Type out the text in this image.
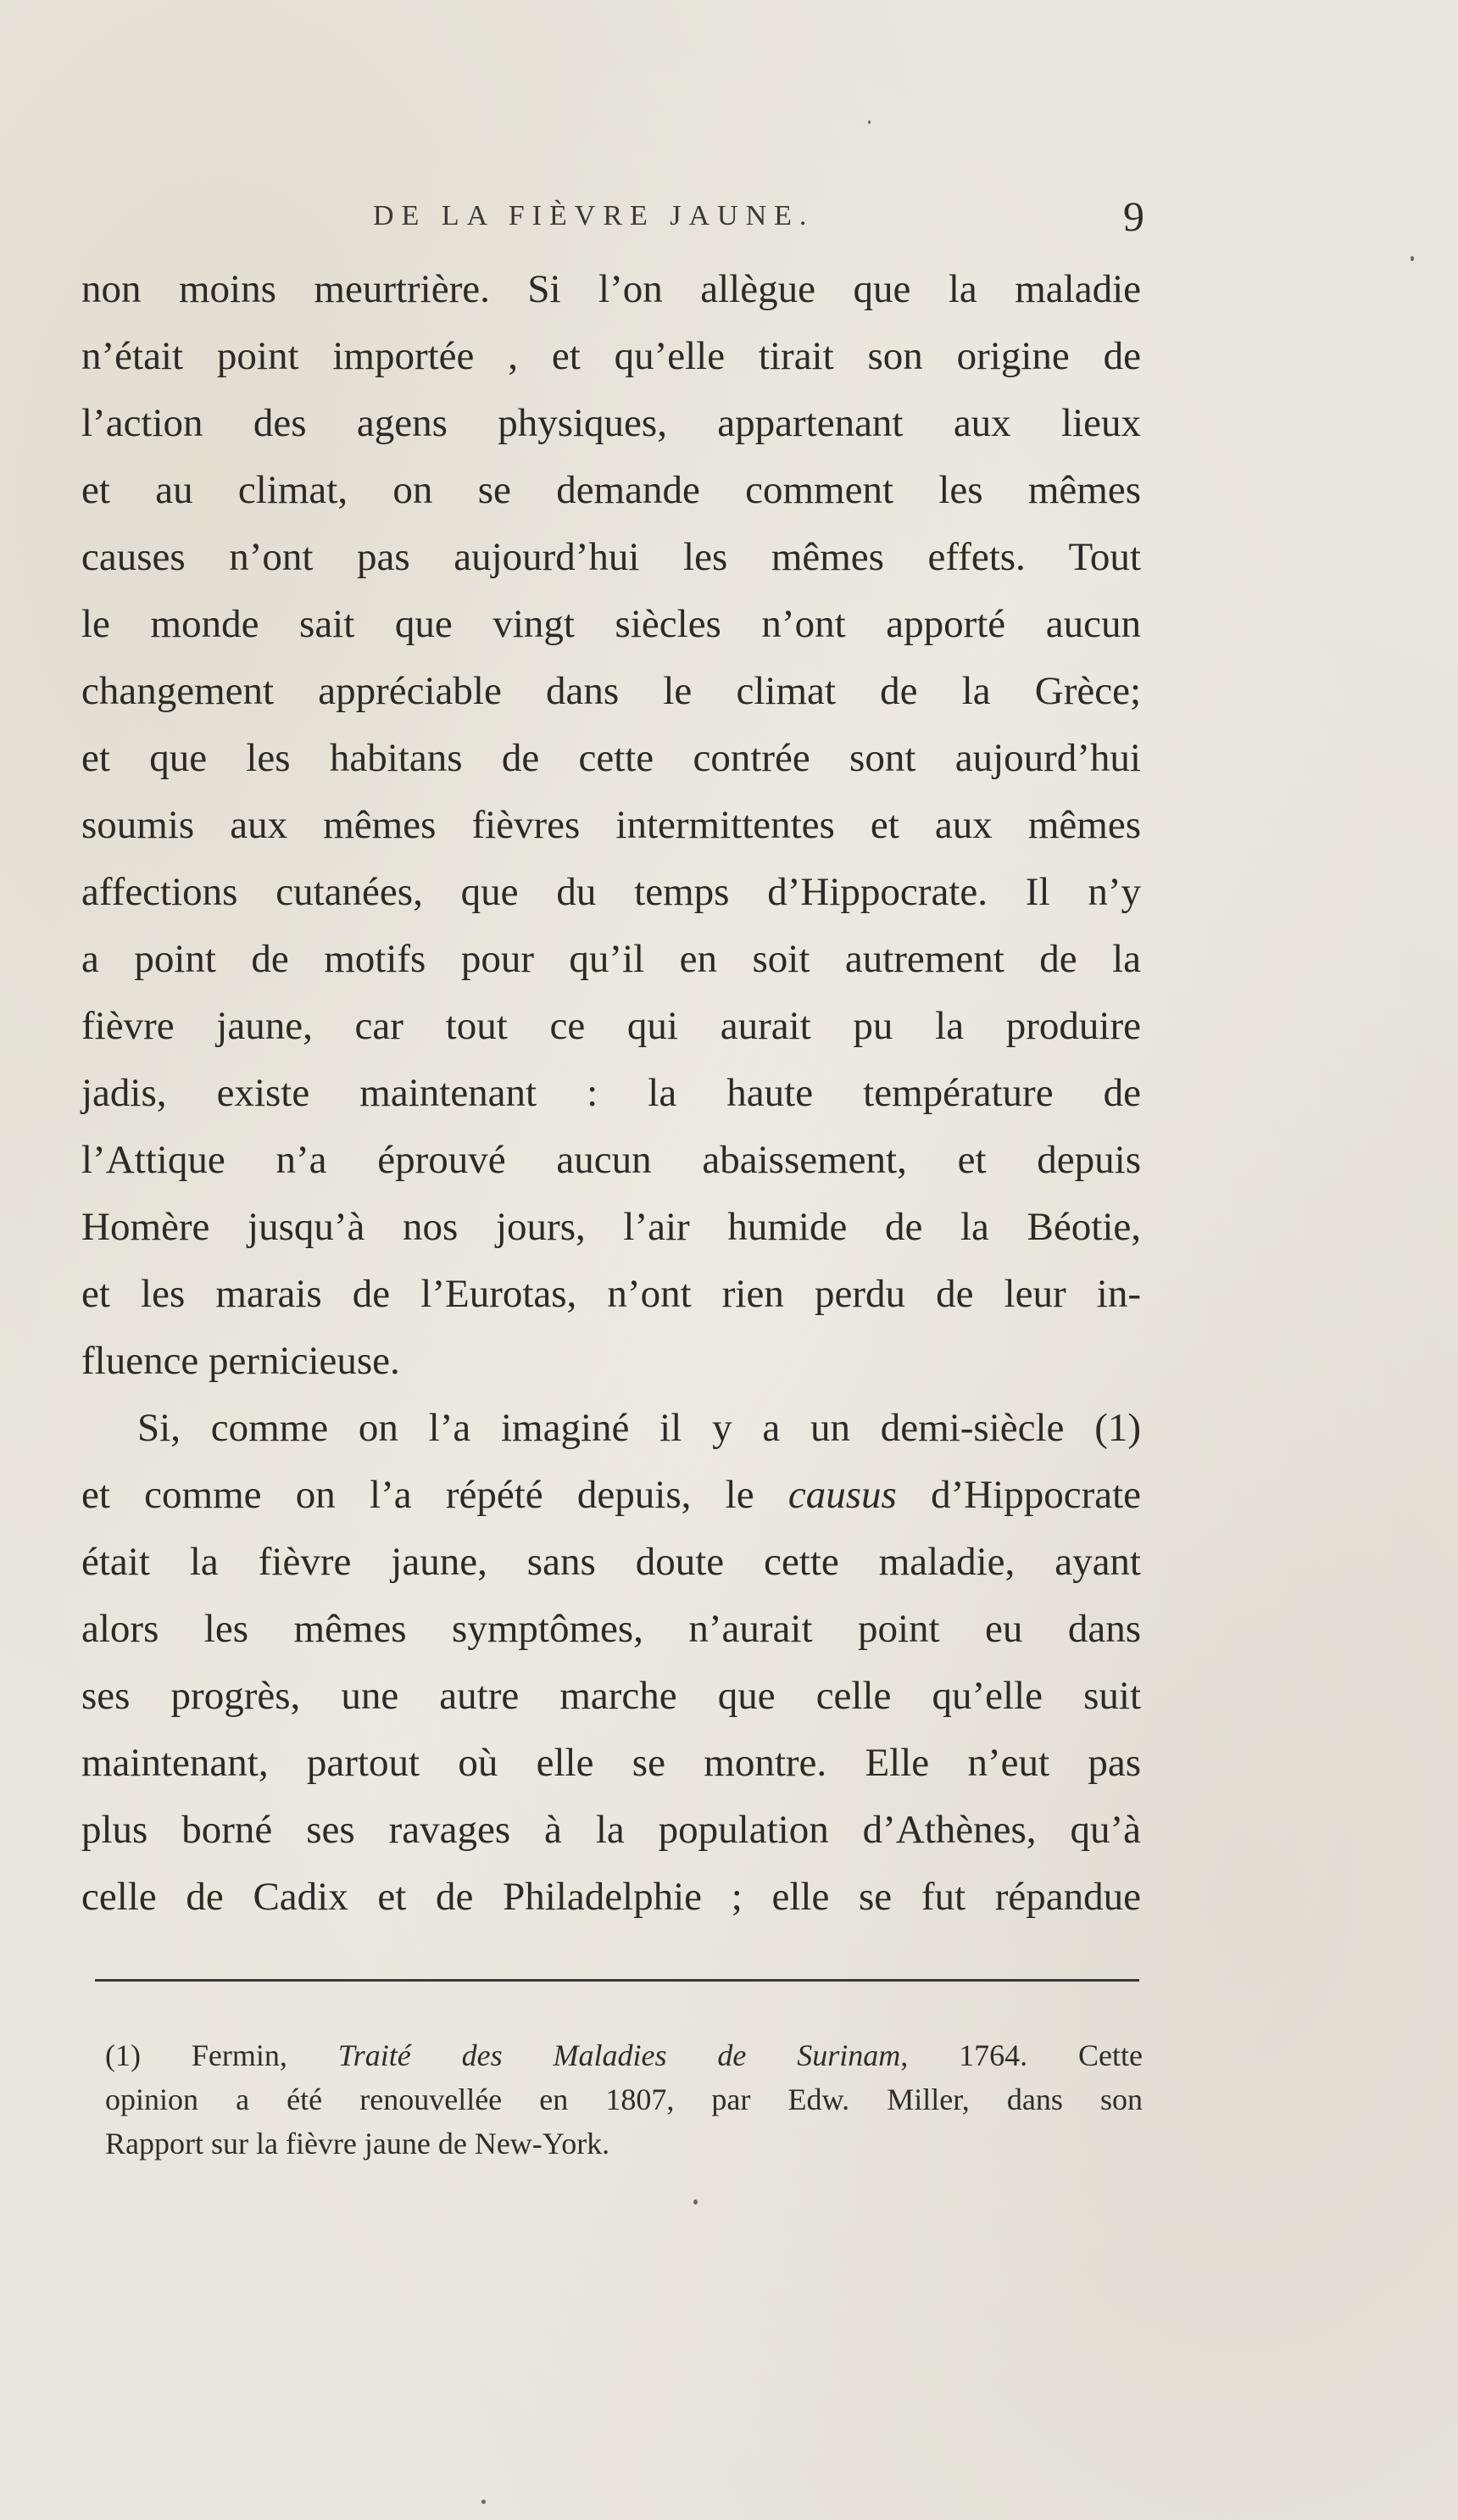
DE LA FIÈVRE JAUNE.	9
non moins meurtrière. Si l’on allègue que la maladie
n’était point importée , et qu’elle tirait son origine de
l’action des agens physiques, appartenant aux lieux
et au climat, on se demande comment les mêmes
causes n’ont pas aujourd’hui les mêmes effets. Tout
le monde sait que vingt siècles n’ont apporté aucun
changement appréciable dans le climat de la Grèce;
et que les habitans de cette contrée sont aujourd’hui
soumis aux mêmes fièvres intermittentes et aux mêmes
affections cutanées, que du temps d’Hippocrate. Il n’y
a point de motifs pour qu’il en soit autrement de la
fièvre jaune, car tout ce qui aurait pu la produire
jadis, existe maintenant : la haute température de
l’Attique n’a éprouvé aucun abaissement, et depuis
Homère jusqu’à nos jours, l’air humide de la Béotie,
et les marais de l’Eurotas, n’ont rien perdu de leur in-
fluence pernicieuse.
Si, comme on l’a imaginé il y a un demi-siècle (1)
et comme on l’a répété depuis, le causus d’Hippocrate
était la fièvre jaune, sans doute cette maladie, ayant
alors les mêmes symptômes, n’aurait point eu dans
ses progrès, une autre marche que celle qu’elle suit
maintenant, partout où elle se montre. Elle n’eut pas
plus borné ses ravages à la population d’Athènes, qu’à
celle de Cadix et de Philadelphie ; elle se fut répandue
(1) Fermin, Traité des Maladies de Surinam, 1764. Cette
opinion a été renouvellée en 1807, par Edw. Miller, dans son
Rapport sur la fièvre jaune de New-York.
